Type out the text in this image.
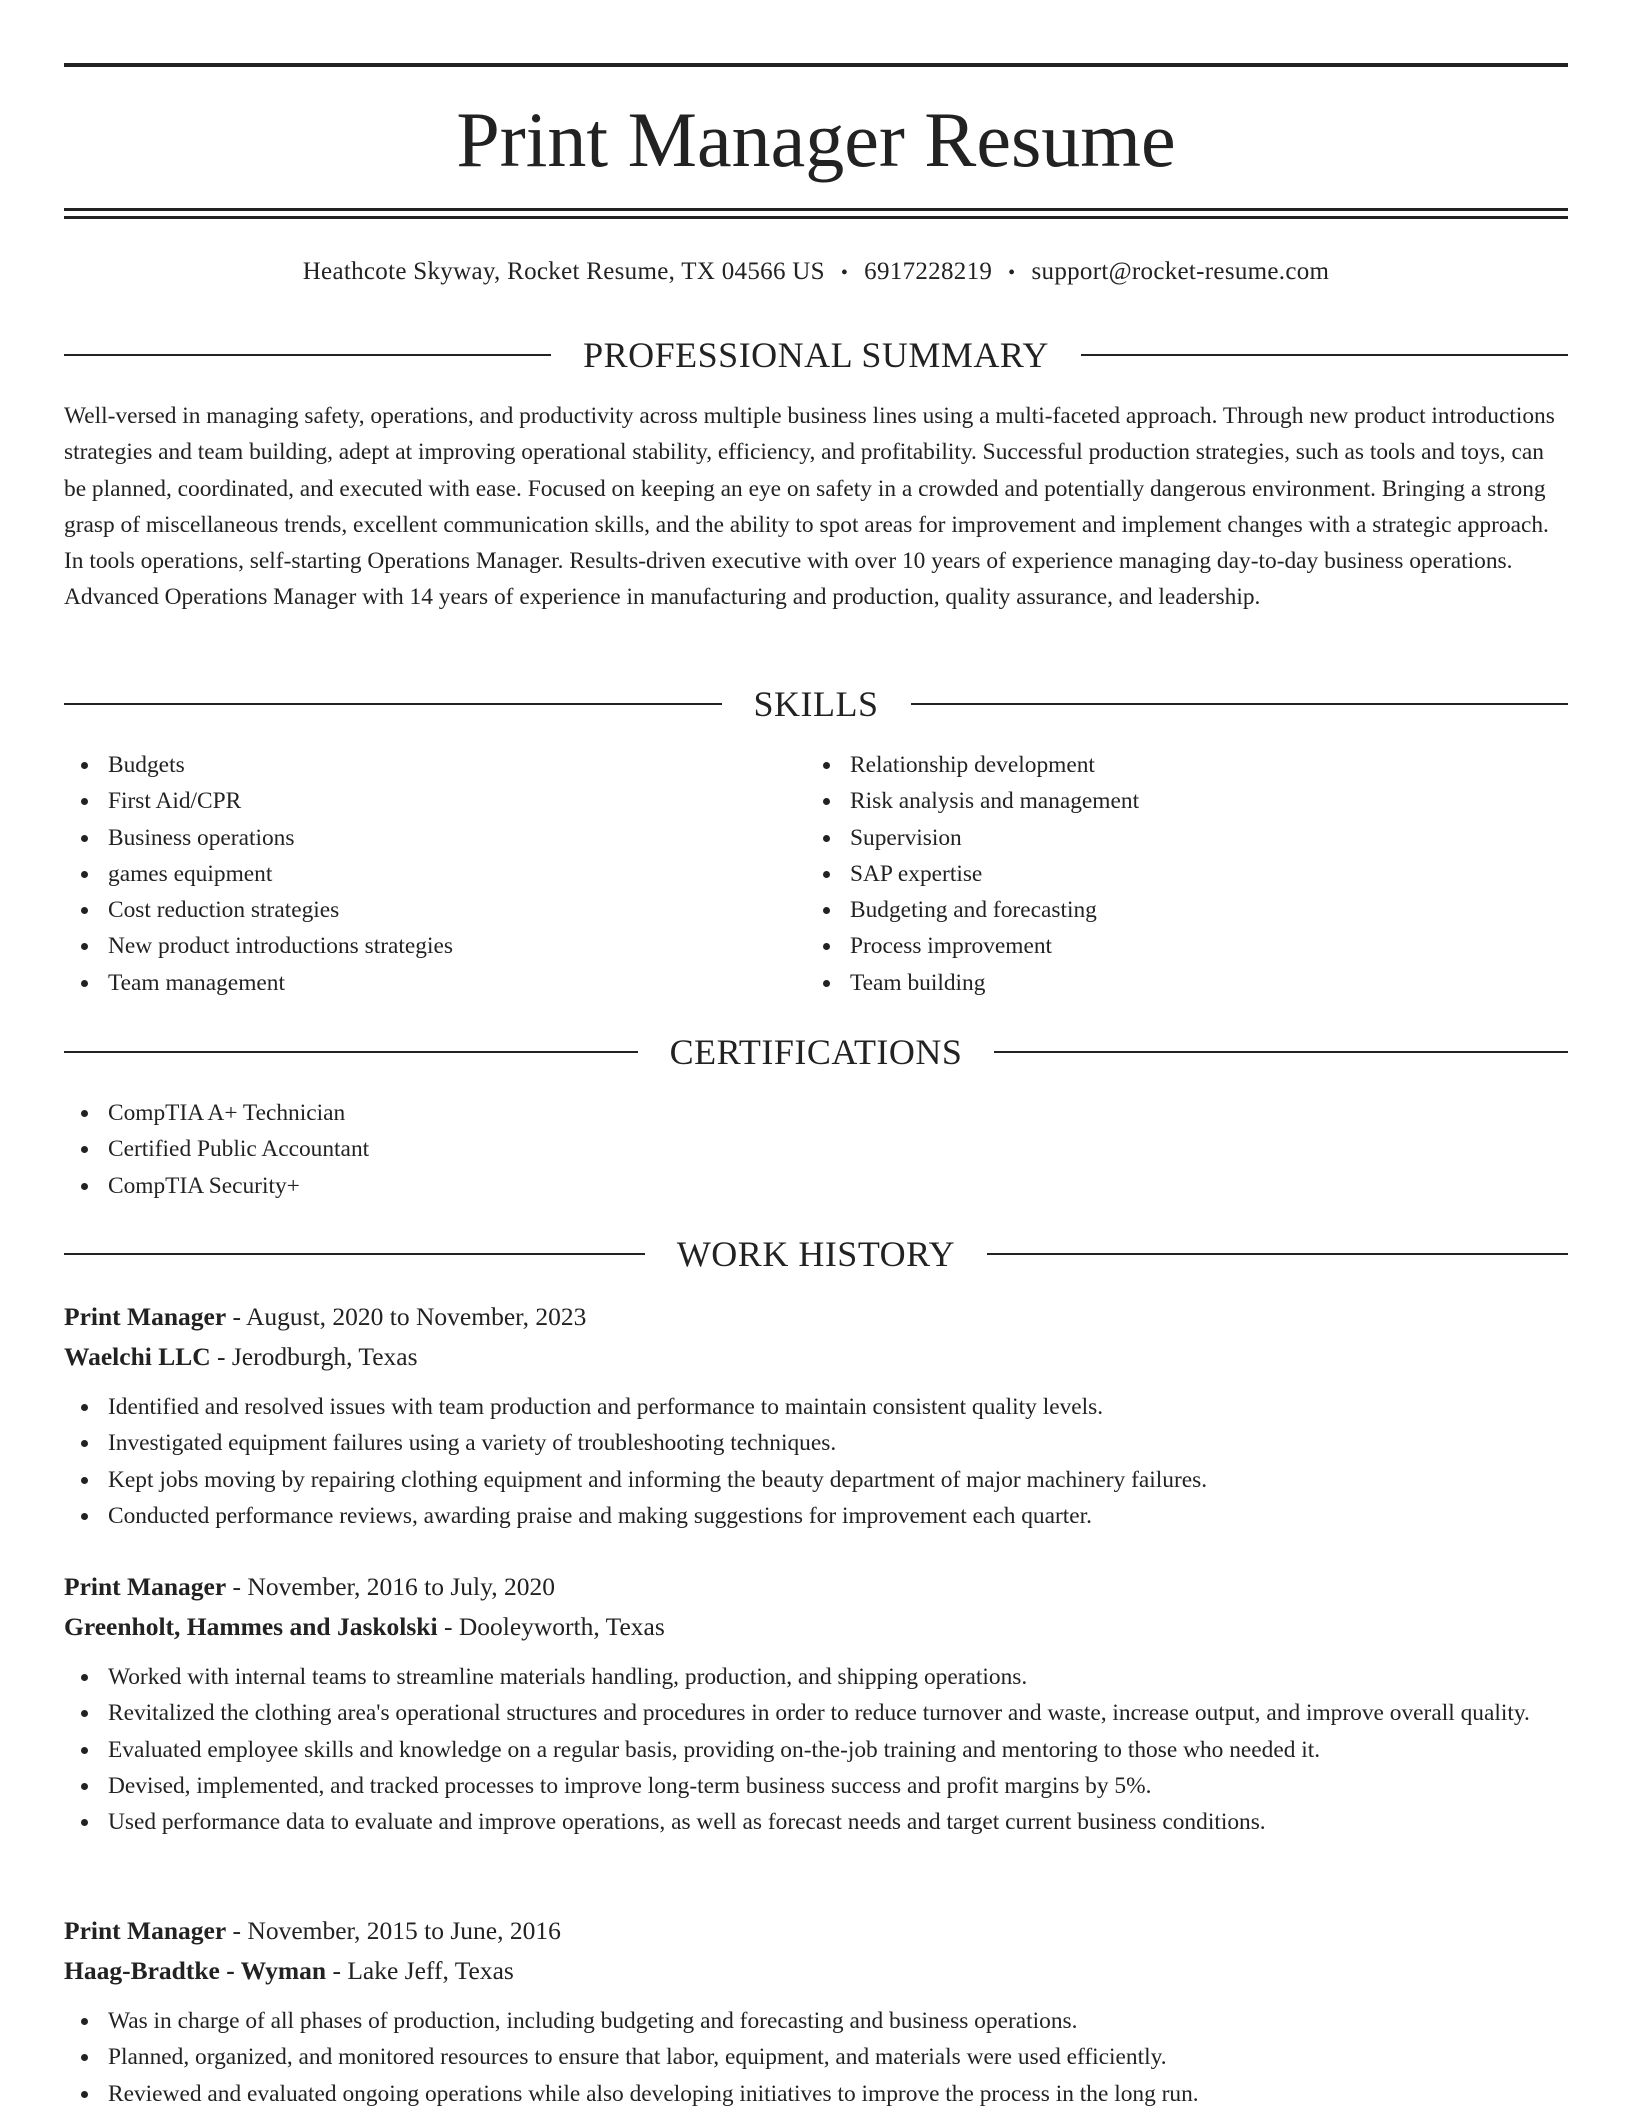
Print Manager Resume
Heathcote Skyway, Rocket Resume, TX 04566 US • 6917228219 • support@rocket-resume.com
PROFESSIONAL SUMMARY

Well-versed in managing safety, operations, and productivity across multiple business lines using a multi-faceted approach. Through new product introductions strategies and team building, adept at improving operational stability, efficiency, and profitability. Successful production strategies, such as tools and toys, can be planned, coordinated, and executed with ease. Focused on keeping an eye on safety in a crowded and potentially dangerous environment. Bringing a strong grasp of miscellaneous trends, excellent communication skills, and the ability to spot areas for improvement and implement changes with a strategic approach. In tools operations, self-starting Operations Manager. Results-driven executive with over 10 years of experience managing day-to-day business operations. Advanced Operations Manager with 14 years of experience in manufacturing and production, quality assurance, and leadership.

SKILLS
Budgets
First Aid/CPR
Business operations
games equipment
Cost reduction strategies
New product introductions strategies
Team management
Relationship development
Risk analysis and management
Supervision
SAP expertise
Budgeting and forecasting
Process improvement
Team building
CERTIFICATIONS
CompTIA A+ Technician
Certified Public Accountant
CompTIA Security+
WORK HISTORY
Print Manager - August, 2020 to November, 2023
Waelchi LLC - Jerodburgh, Texas
Identified and resolved issues with team production and performance to maintain consistent quality levels.
Investigated equipment failures using a variety of troubleshooting techniques.
Kept jobs moving by repairing clothing equipment and informing the beauty department of major machinery failures.
Conducted performance reviews, awarding praise and making suggestions for improvement each quarter.
Print Manager - November, 2016 to July, 2020
Greenholt, Hammes and Jaskolski - Dooleyworth, Texas
Worked with internal teams to streamline materials handling, production, and shipping operations.
Revitalized the clothing area's operational structures and procedures in order to reduce turnover and waste, increase output, and improve overall quality.
Evaluated employee skills and knowledge on a regular basis, providing on-the-job training and mentoring to those who needed it.
Devised, implemented, and tracked processes to improve long-term business success and profit margins by 5%.
Used performance data to evaluate and improve operations, as well as forecast needs and target current business conditions.
Print Manager - November, 2015 to June, 2016
Haag-Bradtke - Wyman - Lake Jeff, Texas
Was in charge of all phases of production, including budgeting and forecasting and business operations.
Planned, organized, and monitored resources to ensure that labor, equipment, and materials were used efficiently.
Reviewed and evaluated ongoing operations while also developing initiatives to improve the process in the long run.
